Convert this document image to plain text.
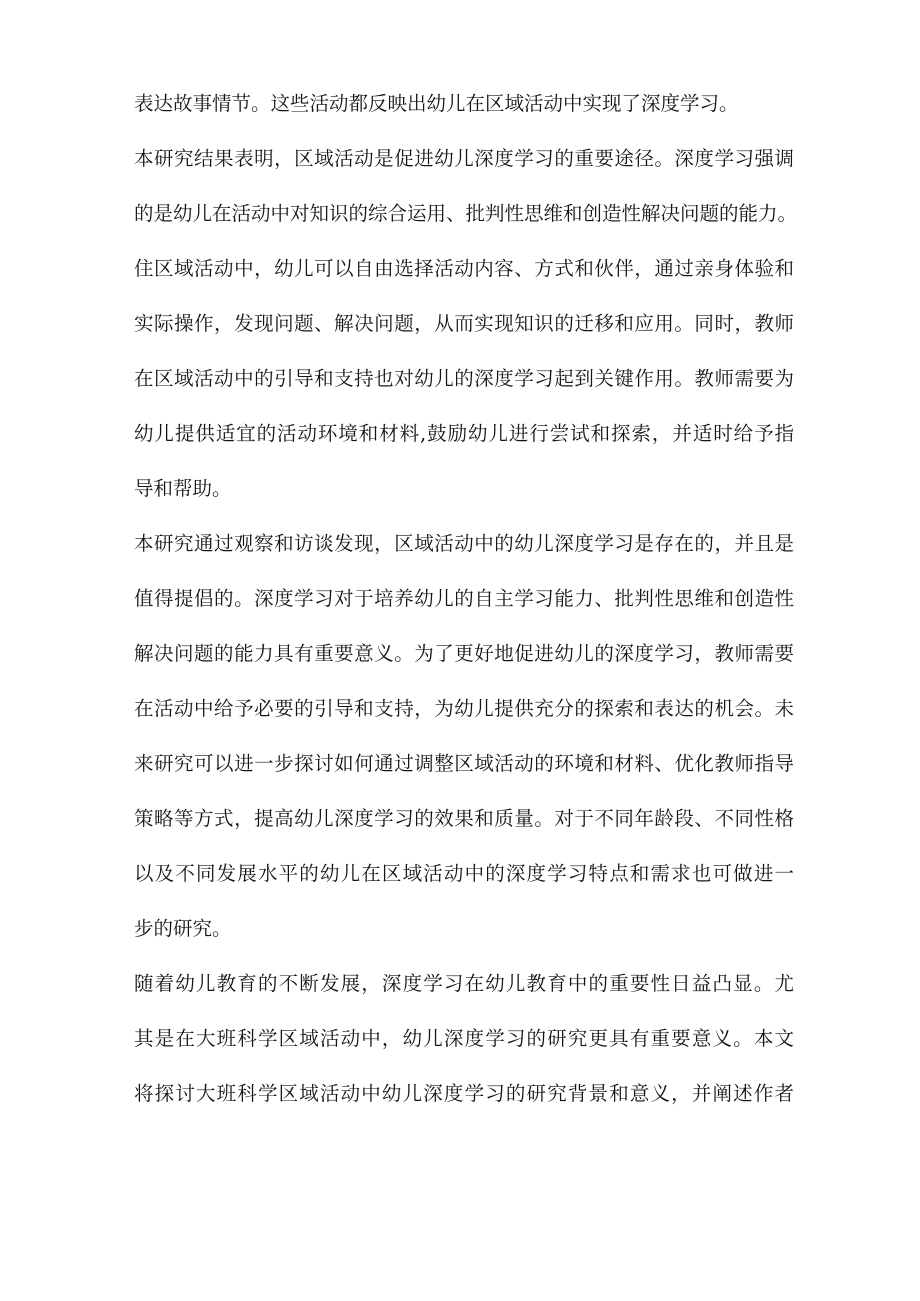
表达故事情节。这些活动都反映出幼儿在区域活动中实现了深度学习。
本研究结果表明，区域活动是促进幼儿深度学习的重要途径。深度学习强调
的是幼儿在活动中对知识的综合运用、批判性思维和创造性解决问题的能力。
住区域活动中，幼儿可以自由选择活动内容、方式和伙伴，通过亲身体验和
实际操作，发现问题、解决问题，从而实现知识的迁移和应用。同时，教师
在区域活动中的引导和支持也对幼儿的深度学习起到关键作用。教师需要为
幼儿提供适宜的活动环境和材料,鼓励幼儿进行尝试和探索，并适时给予指
导和帮助。
本研究通过观察和访谈发现，区域活动中的幼儿深度学习是存在的，并且是
值得提倡的。深度学习对于培养幼儿的自主学习能力、批判性思维和创造性
解决问题的能力具有重要意义。为了更好地促进幼儿的深度学习，教师需要
在活动中给予必要的引导和支持，为幼儿提供充分的探索和表达的机会。未
来研究可以进一步探讨如何通过调整区域活动的环境和材料、优化教师指导
策略等方式，提高幼儿深度学习的效果和质量。对于不同年龄段、不同性格
以及不同发展水平的幼儿在区域活动中的深度学习特点和需求也可做进一
步的研究。
随着幼儿教育的不断发展，深度学习在幼儿教育中的重要性日益凸显。尤
其是在大班科学区域活动中，幼儿深度学习的研究更具有重要意义。本文
将探讨大班科学区域活动中幼儿深度学习的研究背景和意义，并阐述作者
